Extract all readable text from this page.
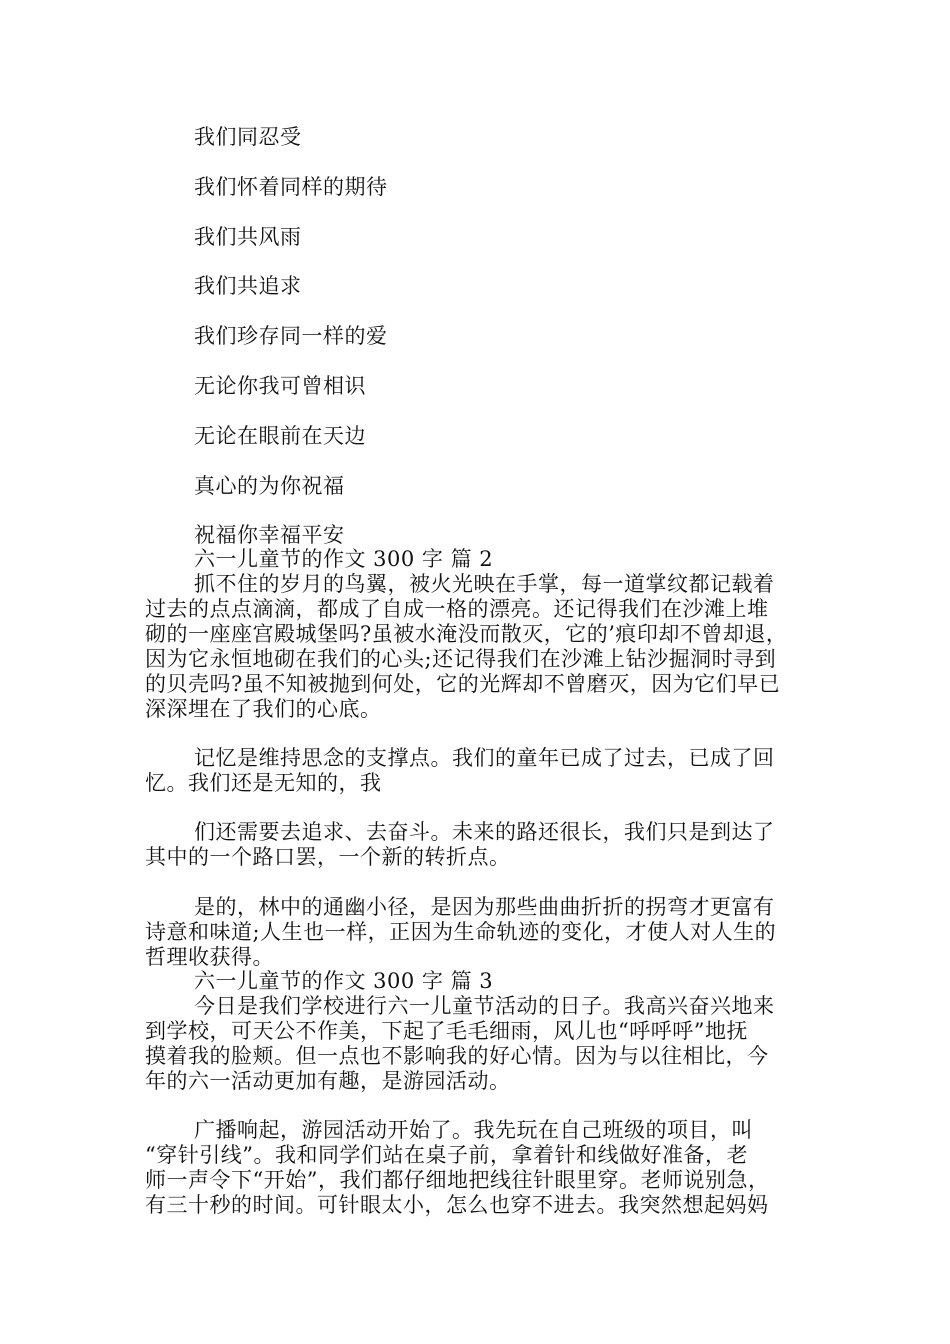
我们同忍受
我们怀着同样的期待
我们共风雨
我们共追求
我们珍存同一样的爱
无论你我可曾相识
无论在眼前在天边
真心的为你祝福
祝福你幸福平安
六一儿童节的作文 300 字 篇 2
抓不住的岁月的鸟翼，被火光映在手掌，每一道掌纹都记载着
过去的点点滴滴，都成了自成一格的漂亮。还记得我们在沙滩上堆
砌的一座座宫殿城堡吗?虽被水淹没而散灭，它的’痕印却不曾却退，
因为它永恒地砌在我们的心头;还记得我们在沙滩上钻沙掘洞时寻到
的贝壳吗?虽不知被抛到何处，它的光辉却不曾磨灭，因为它们早已
深深埋在了我们的心底。
记忆是维持思念的支撑点。我们的童年已成了过去，已成了回
忆。我们还是无知的，我
们还需要去追求、去奋斗。未来的路还很长，我们只是到达了
其中的一个路口罢，一个新的转折点。
是的，林中的通幽小径，是因为那些曲曲折折的拐弯才更富有
诗意和味道;人生也一样，正因为生命轨迹的变化，才使人对人生的
哲理收获得。
六一儿童节的作文 300 字 篇 3
今日是我们学校进行六一儿童节活动的日子。我高兴奋兴地来
到学校，可天公不作美，下起了毛毛细雨，风儿也“呼呼呼”地抚
摸着我的脸颊。但一点也不影响我的好心情。因为与以往相比，今
年的六一活动更加有趣，是游园活动。
广播响起，游园活动开始了。我先玩在自己班级的项目，叫
“穿针引线”。我和同学们站在桌子前，拿着针和线做好准备，老
师一声令下“开始”，我们都仔细地把线往针眼里穿。老师说别急，
有三十秒的时间。可针眼太小，怎么也穿不进去。我突然想起妈妈
